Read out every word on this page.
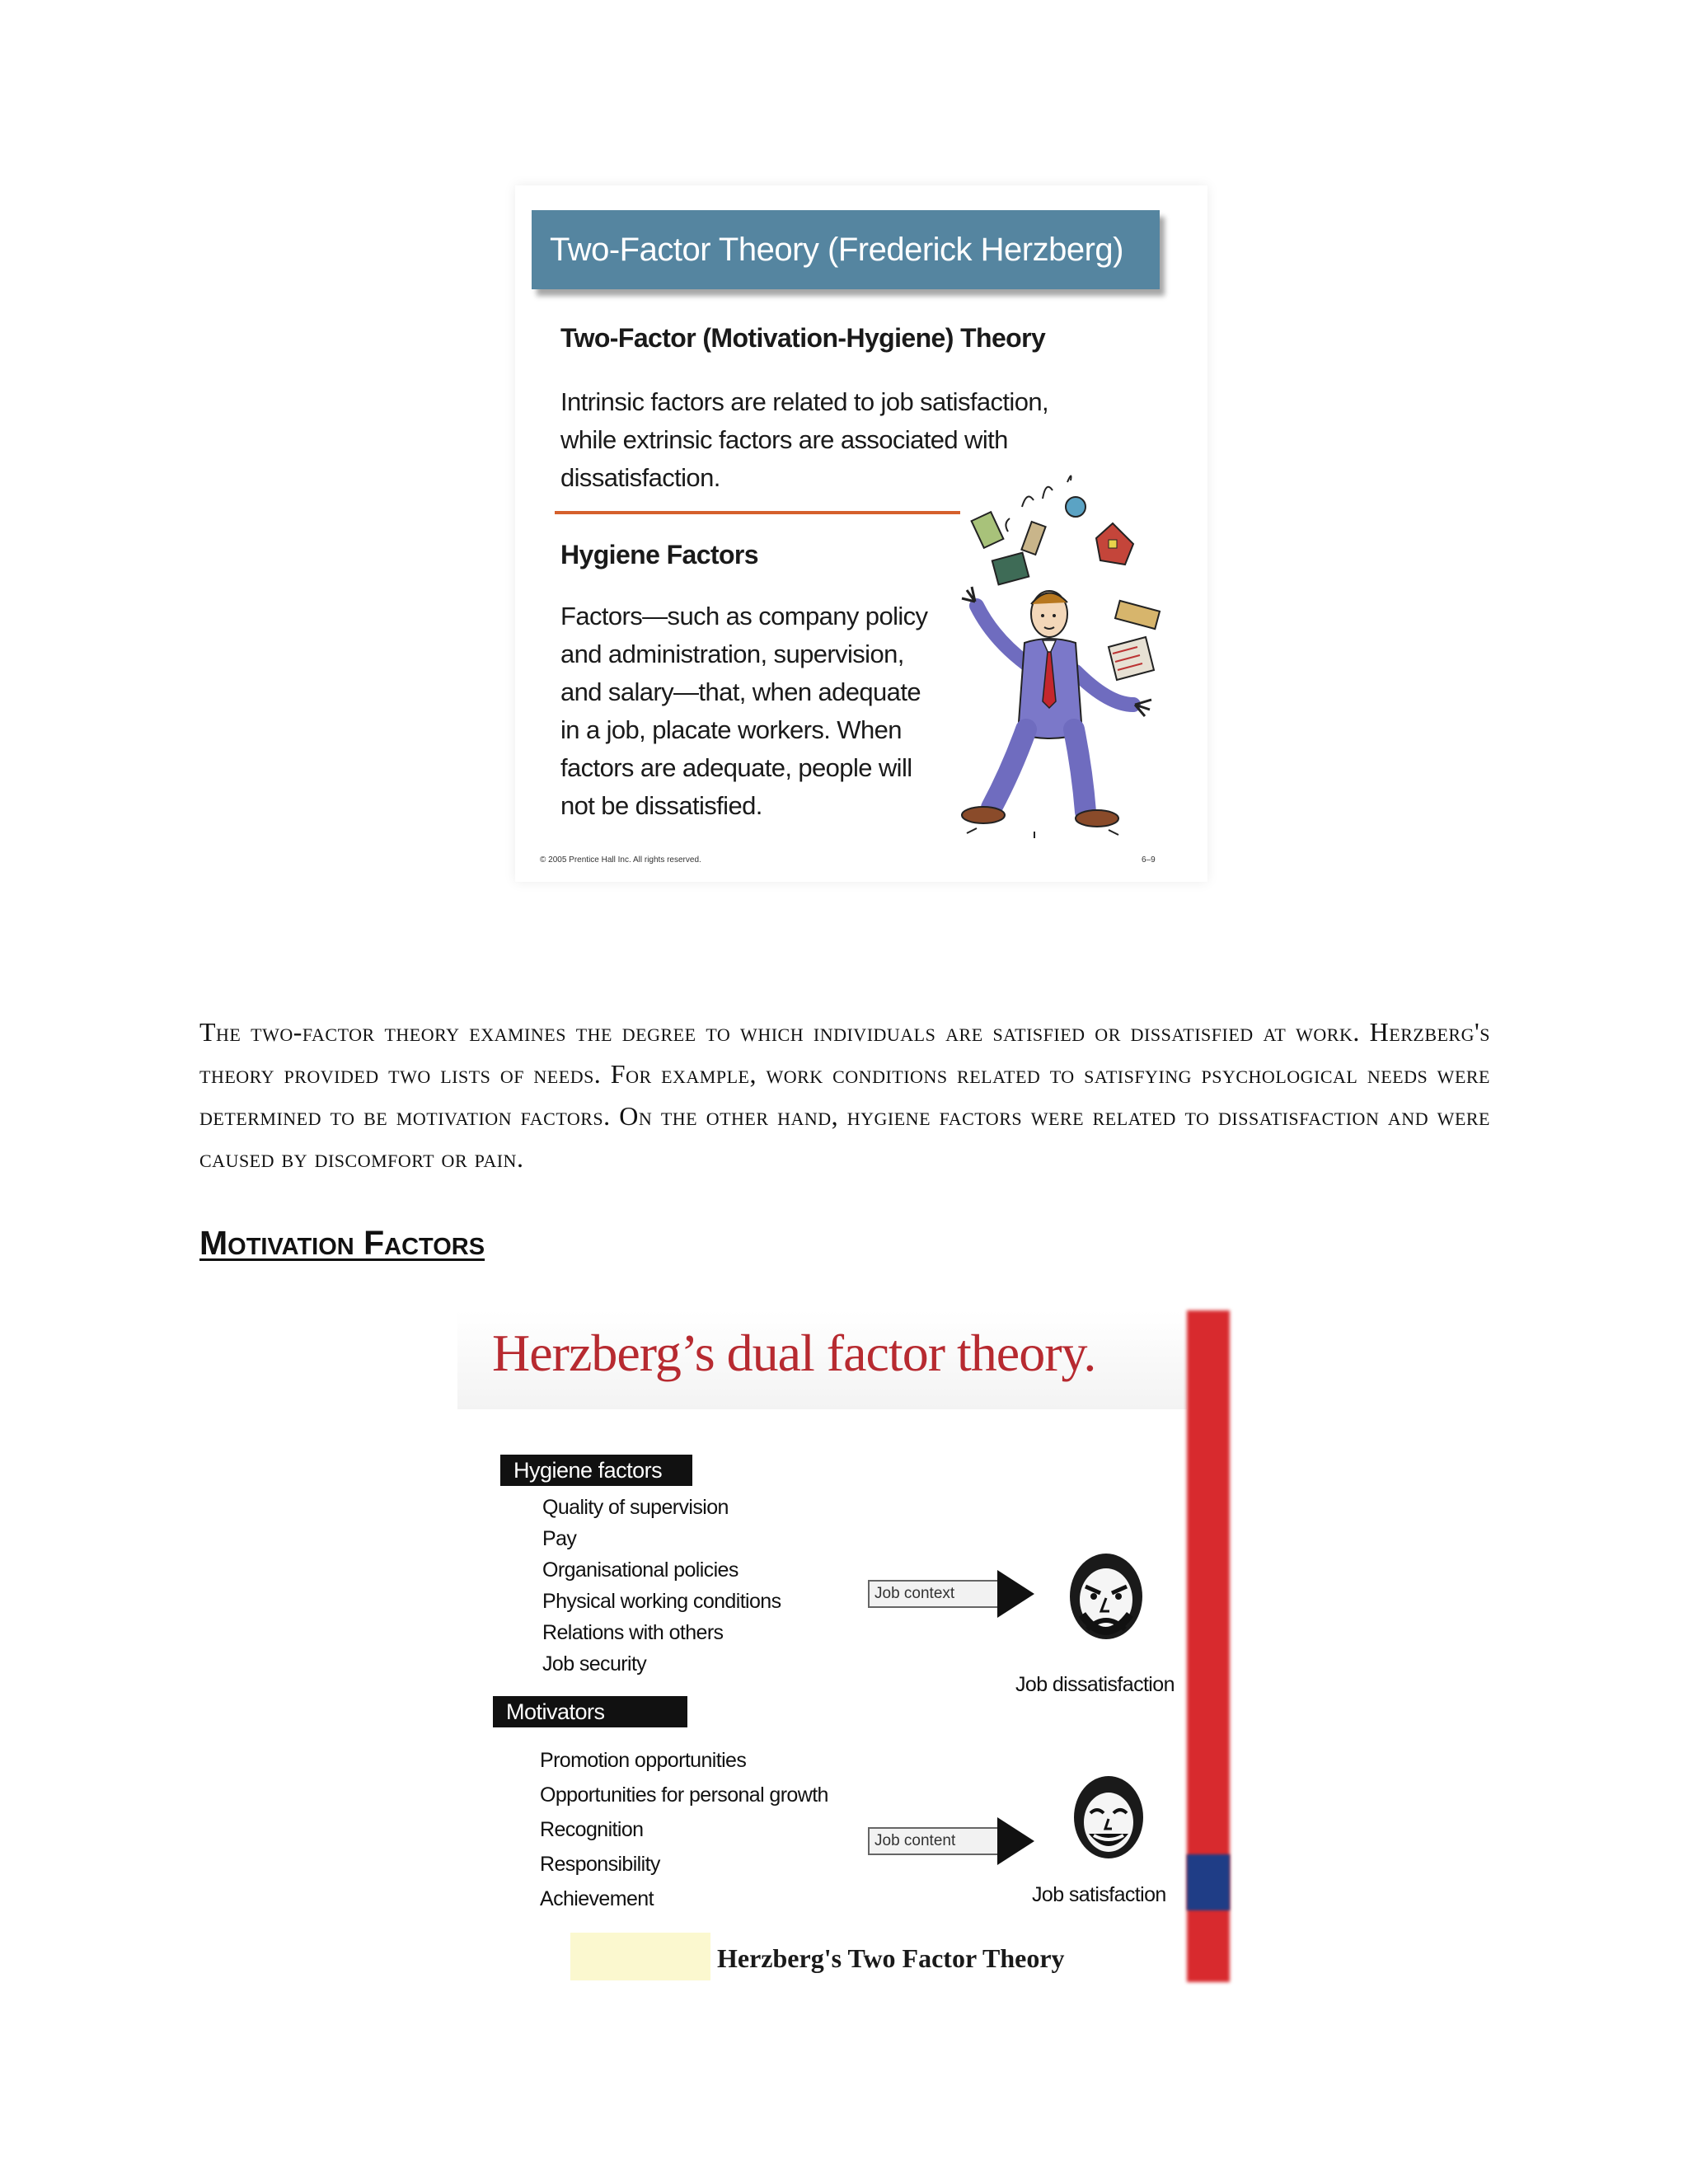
Two-Factor Theory (Frederick Herzberg)
Two-Factor (Motivation-Hygiene) Theory
Intrinsic factors are related to job satisfaction,
while extrinsic factors are associated with
dissatisfaction.
Hygiene Factors
Factors—such as company policy
and administration, supervision,
and salary—that, when adequate
in a job, placate workers. When
factors are adequate, people will
not be dissatisfied.
© 2005 Prentice Hall Inc. All rights reserved.	6–9

The two-factor theory examines the degree to which individuals are satisfied or dissatisfied at work. Herzberg's theory provided two lists of needs. For example, work conditions related to satisfying psychological needs were determined to be motivation factors. On the other hand, hygiene factors were related to dissatisfaction and were caused by discomfort or pain.

Motivation Factors
Herzberg’s dual factor theory.
Hygiene factors
Quality of supervision
Pay
Organisational policies
Physical working conditions
Relations with others
Job security
Motivators
Promotion opportunities
Opportunities for personal growth
Recognition
Responsibility
Achievement
Job context
Job content
Job dissatisfaction
Job satisfaction
Herzberg's Two Factor Theory
